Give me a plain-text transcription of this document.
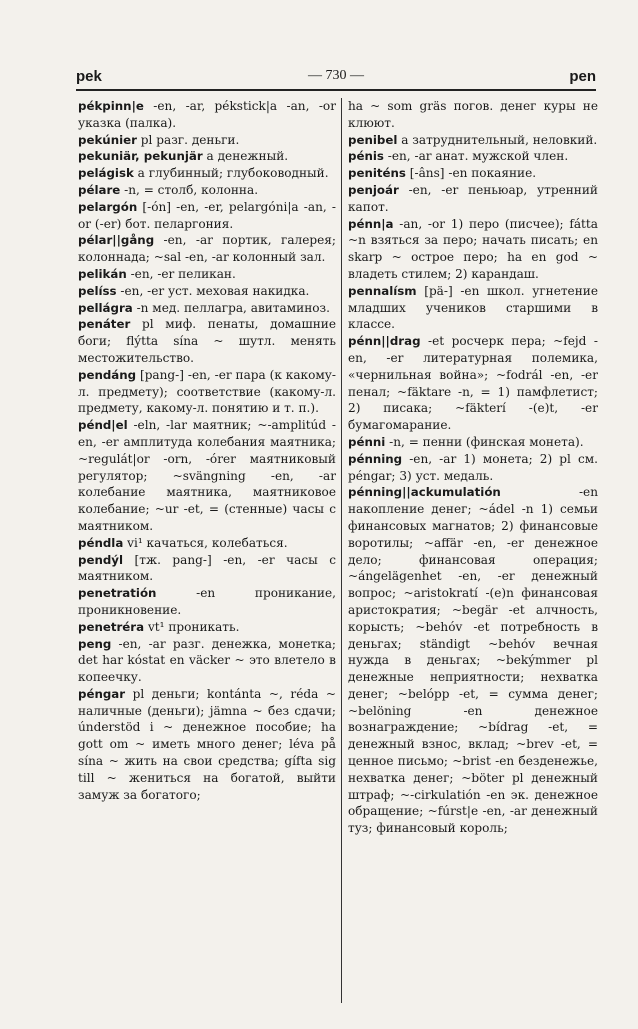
pek	— 730 —	pen

pékpinn|e -en, -ar, pékstick|a -an, -or указка (палка).

pekúnier pl разг. деньги.

pekuniär, pekunjär a денежный.

pelágisk a глубинный; глубоководный.

pélare -n, = столб, колонна.

pelargón [-ón] -en, -er, pelargóni|a -an, -or (-er) бот. пеларгония.

pélar||gång -en, -ar портик, галерея; колоннада; ~sal -en, -ar колонный зал.

pelikán -en, -er пеликан.

pelíss -en, -er уст. меховая накидка.

pellágra -n мед. пеллагра, авитаминоз.

penáter pl миф. пенаты, домашние боги; flýtta sína ~ шутл. менять местожительство.

pendáng [pang-] -en, -er пара (к какому-л. предмету); соответствие (какому-л. предмету, какому-л. понятию и т. п.).

pénd|el -eln, -lar маятник; ~-amplitúd -en, -er амплитуда колебания маятника; ~regulát|or -orn, -órer маятниковый регулятор; ~svängning -en, -ar колебание маятника, маятниковое колебание; ~ur -et, = (стенные) часы с маятником.

péndla vi¹ качаться, колебаться.

pendýl [тж. pang-] -en, -er часы с маятником.

penetratión -en проникание, проникновение.

penetréra vt¹ проникать.

peng -en, -ar разг. денежка, монетка; det har kóstat en väcker ~ это влетело в копеечку.

péngar pl деньги; kontánta ~, réda ~ наличные (деньги); jämna ~ без сдачи; únderstöd i ~ денежное пособие; ha gott om ~ иметь много денег; léva på sína ~ жить на свои средства; gífta sig till ~ жениться на богатой, выйти замуж за богатого;

ha ~ som gräs погов. денег куры не клюют.

penibel a затруднительный, неловкий.

pénis -en, -ar анат. мужской член.

peniténs [-âns] -en покаяние.

penjoár -en, -er пеньюар, утренний капот.

pénn|a -an, -or 1) перо (писчее); fátta ~n взяться за перо; начать писать; en skarp ~ острое перо; ha en god ~ владеть стилем; 2) карандаш.

pennalísm [pä-] -en школ. угнетение младших учеников старшими в классе.

pénn||drag -et росчерк пера; ~fejd -en, -er литературная полемика, «чернильная война»; ~fodrál -en, -er пенал; ~fäktare -n, = 1) памфлетист; 2) писака; ~fäkterí -(e)t, -er бумагомарание.

pénni -n, = пенни (финская монета).

pénning -en, -ar 1) монета; 2) pl см. péngar; 3) уст. медаль.

pénning||ackumulatión -en накопление денег; ~ádel -n 1) семьи финансовых магнатов; 2) финансовые воротилы; ~affär -en, -er денежное дело; финансовая операция; ~ángelägenhet -en, -er денежный вопрос; ~aristokratí -(e)n финансовая аристократия; ~begär -et алчность, корысть; ~behóv -et потребность в деньгах; ständigt ~behóv вечная нужда в деньгах; ~bekýmmer pl денежные неприятности; нехватка денег; ~belópp -et, = сумма денег; ~belöning -en денежное вознаграждение; ~bídrag -et, = денежный взнос, вклад; ~brev -et, = ценное письмо; ~brist -en безденежье, нехватка денег; ~böter pl денежный штраф; ~-cirkulatión -en эк. денежное обращение; ~fúrst|e -en, -ar денежный туз; финансовый король;
